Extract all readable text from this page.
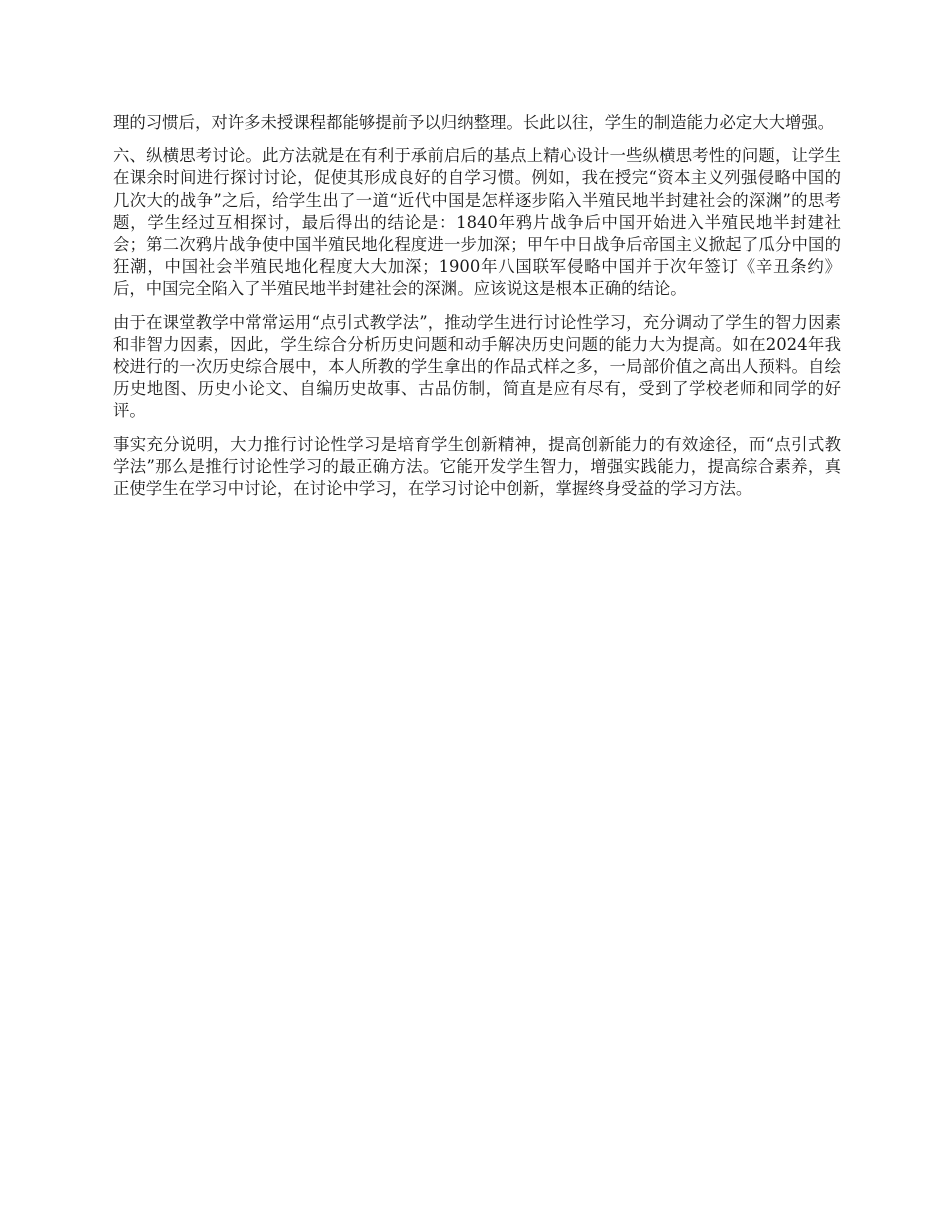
理的习惯后，对许多未授课程都能够提前予以归纳整理。长此以往，学生的制造能力必定大大增强。

六、纵横思考讨论。此方法就是在有利于承前启后的基点上精心设计一些纵横思考性的问题，让学生在课余时间进行探讨讨论，促使其形成良好的自学习惯。例如，我在授完“资本主义列强侵略中国的几次大的战争”之后，给学生出了一道“近代中国是怎样逐步陷入半殖民地半封建社会的深渊”的思考题，学生经过互相探讨，最后得出的结论是：1840年鸦片战争后中国开始进入半殖民地半封建社会；第二次鸦片战争使中国半殖民地化程度进一步加深；甲午中日战争后帝国主义掀起了瓜分中国的狂潮，中国社会半殖民地化程度大大加深；1900年八国联军侵略中国并于次年签订《辛丑条约》后，中国完全陷入了半殖民地半封建社会的深渊。应该说这是根本正确的结论。

由于在课堂教学中常常运用“点引式教学法”，推动学生进行讨论性学习，充分调动了学生的智力因素和非智力因素，因此，学生综合分析历史问题和动手解决历史问题的能力大为提高。如在2024年我校进行的一次历史综合展中，本人所教的学生拿出的作品式样之多，一局部价值之高出人预料。自绘历史地图、历史小论文、自编历史故事、古品仿制，简直是应有尽有，受到了学校老师和同学的好评。

事实充分说明，大力推行讨论性学习是培育学生创新精神，提高创新能力的有效途径，而“点引式教学法”那么是推行讨论性学习的最正确方法。它能开发学生智力，增强实践能力，提高综合素养，真正使学生在学习中讨论，在讨论中学习，在学习讨论中创新，掌握终身受益的学习方法。
